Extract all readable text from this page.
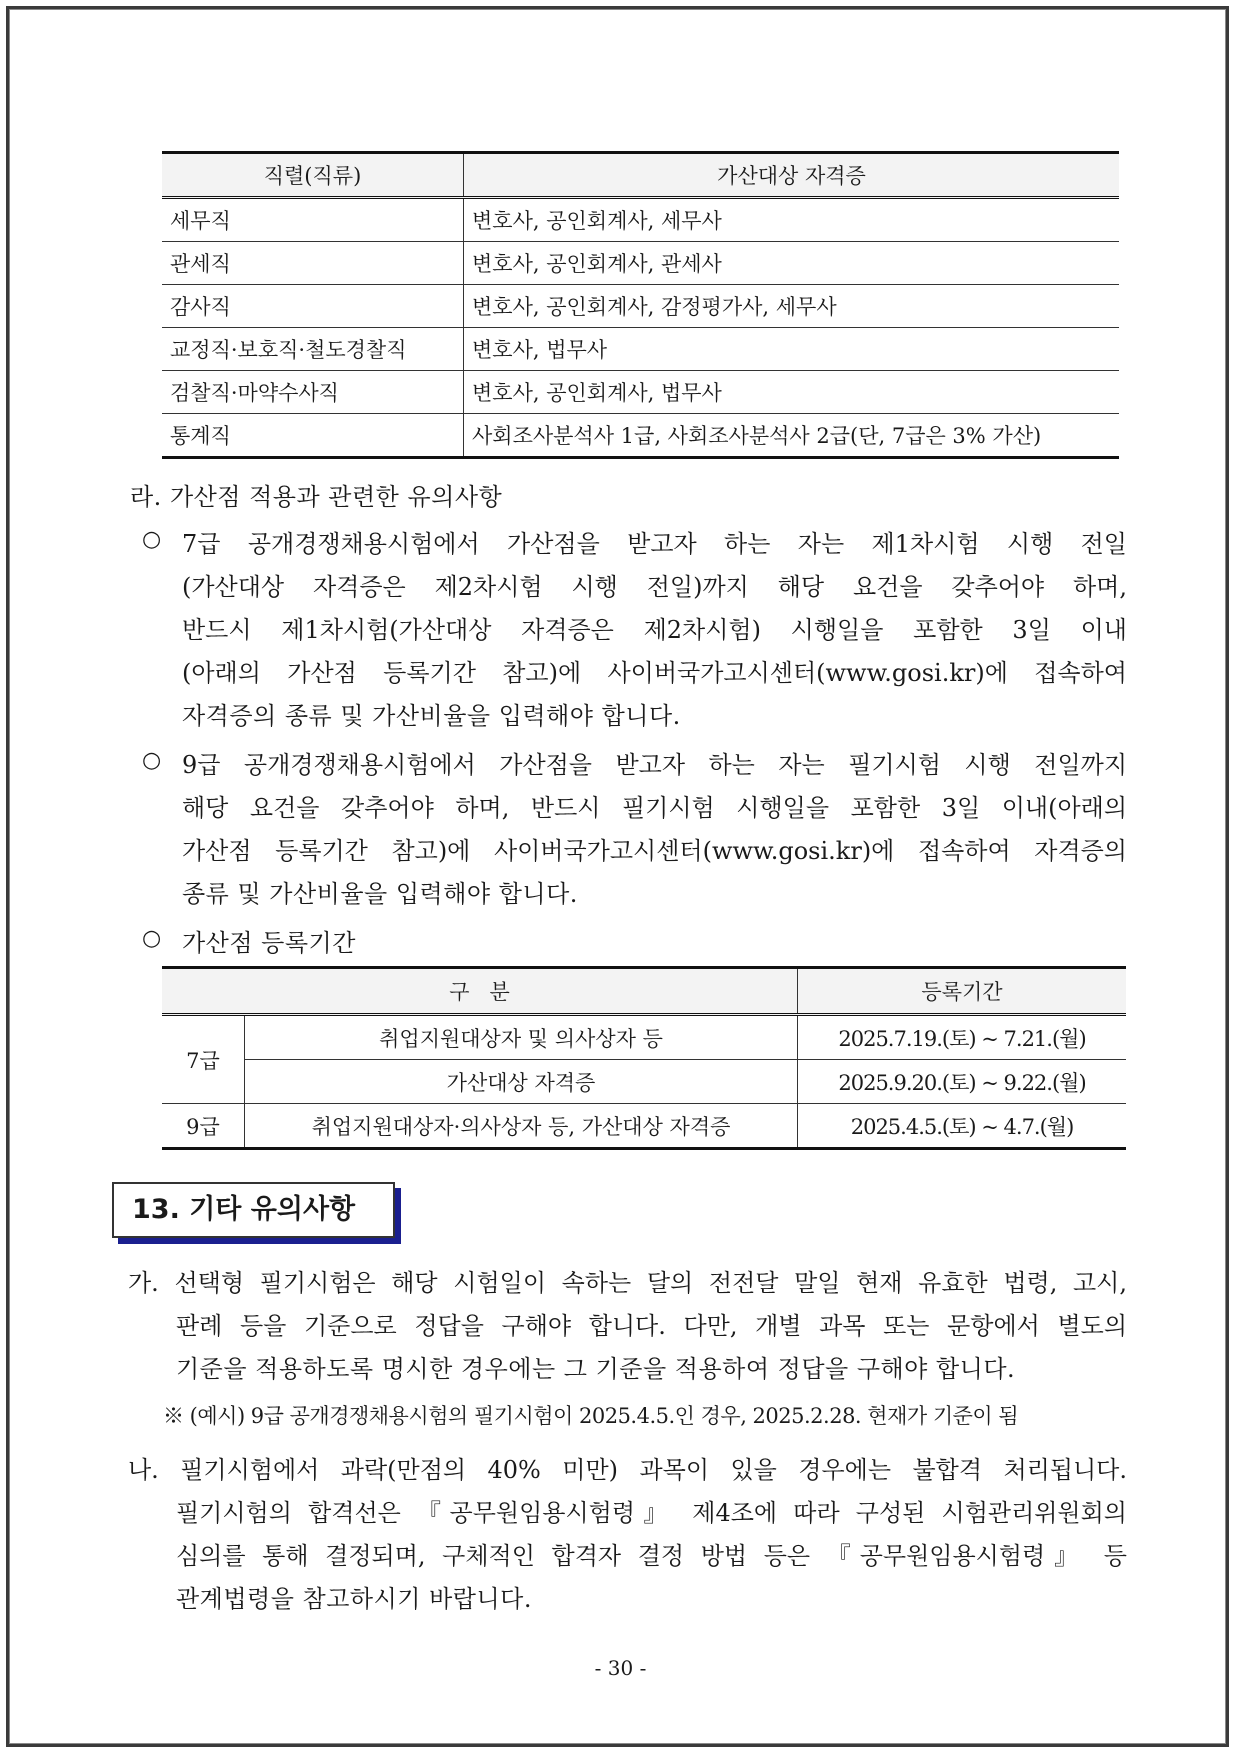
직렬(직류)	가산대상 자격증
세무직	변호사, 공인회계사, 세무사
관세직	변호사, 공인회계사, 관세사
감사직	변호사, 공인회계사, 감정평가사, 세무사
교정직·보호직·철도경찰직	변호사, 법무사
검찰직·마약수사직	변호사, 공인회계사, 법무사
통계직	사회조사분석사 1급, 사회조사분석사 2급(단, 7급은 3% 가산)
라. 가산점 적용과 관련한 유의사항
○ 7급 공개경쟁채용시험에서 가산점을 받고자 하는 자는 제1차시험 시행 전일
(가산대상 자격증은 제2차시험 시행 전일)까지 해당 요건을 갖추어야 하며,
반드시 제1차시험(가산대상 자격증은 제2차시험) 시행일을 포함한 3일 이내
(아래의 가산점 등록기간 참고)에 사이버국가고시센터(www.gosi.kr)에 접속하여
자격증의 종류 및 가산비율을 입력해야 합니다.
○ 9급 공개경쟁채용시험에서 가산점을 받고자 하는 자는 필기시험 시행 전일까지
해당 요건을 갖추어야 하며, 반드시 필기시험 시행일을 포함한 3일 이내(아래의
가산점 등록기간 참고)에 사이버국가고시센터(www.gosi.kr)에 접속하여 자격증의
종류 및 가산비율을 입력해야 합니다.
○ 가산점 등록기간
구   분		등록기간
7급	취업지원대상자 및 의사상자 등	2025.7.19.(토) ~ 7.21.(월)
	가산대상 자격증	2025.9.20.(토) ~ 9.22.(월)
9급	취업지원대상자·의사상자 등, 가산대상 자격증	2025.4.5.(토) ~ 4.7.(월)
13. 기타 유의사항
가. 선택형 필기시험은 해당 시험일이 속하는 달의 전전달 말일 현재 유효한 법령, 고시,
판례 등을 기준으로 정답을 구해야 합니다. 다만, 개별 과목 또는 문항에서 별도의
기준을 적용하도록 명시한 경우에는 그 기준을 적용하여 정답을 구해야 합니다.
※ (예시) 9급 공개경쟁채용시험의 필기시험이 2025.4.5.인 경우, 2025.2.28. 현재가 기준이 됨
나. 필기시험에서 과락(만점의 40% 미만) 과목이 있을 경우에는 불합격 처리됩니다.
필기시험의 합격선은 『공무원임용시험령』 제4조에 따라 구성된 시험관리위원회의
심의를 통해 결정되며, 구체적인 합격자 결정 방법 등은 『공무원임용시험령』 등
관계법령을 참고하시기 바랍니다.
- 30 -
